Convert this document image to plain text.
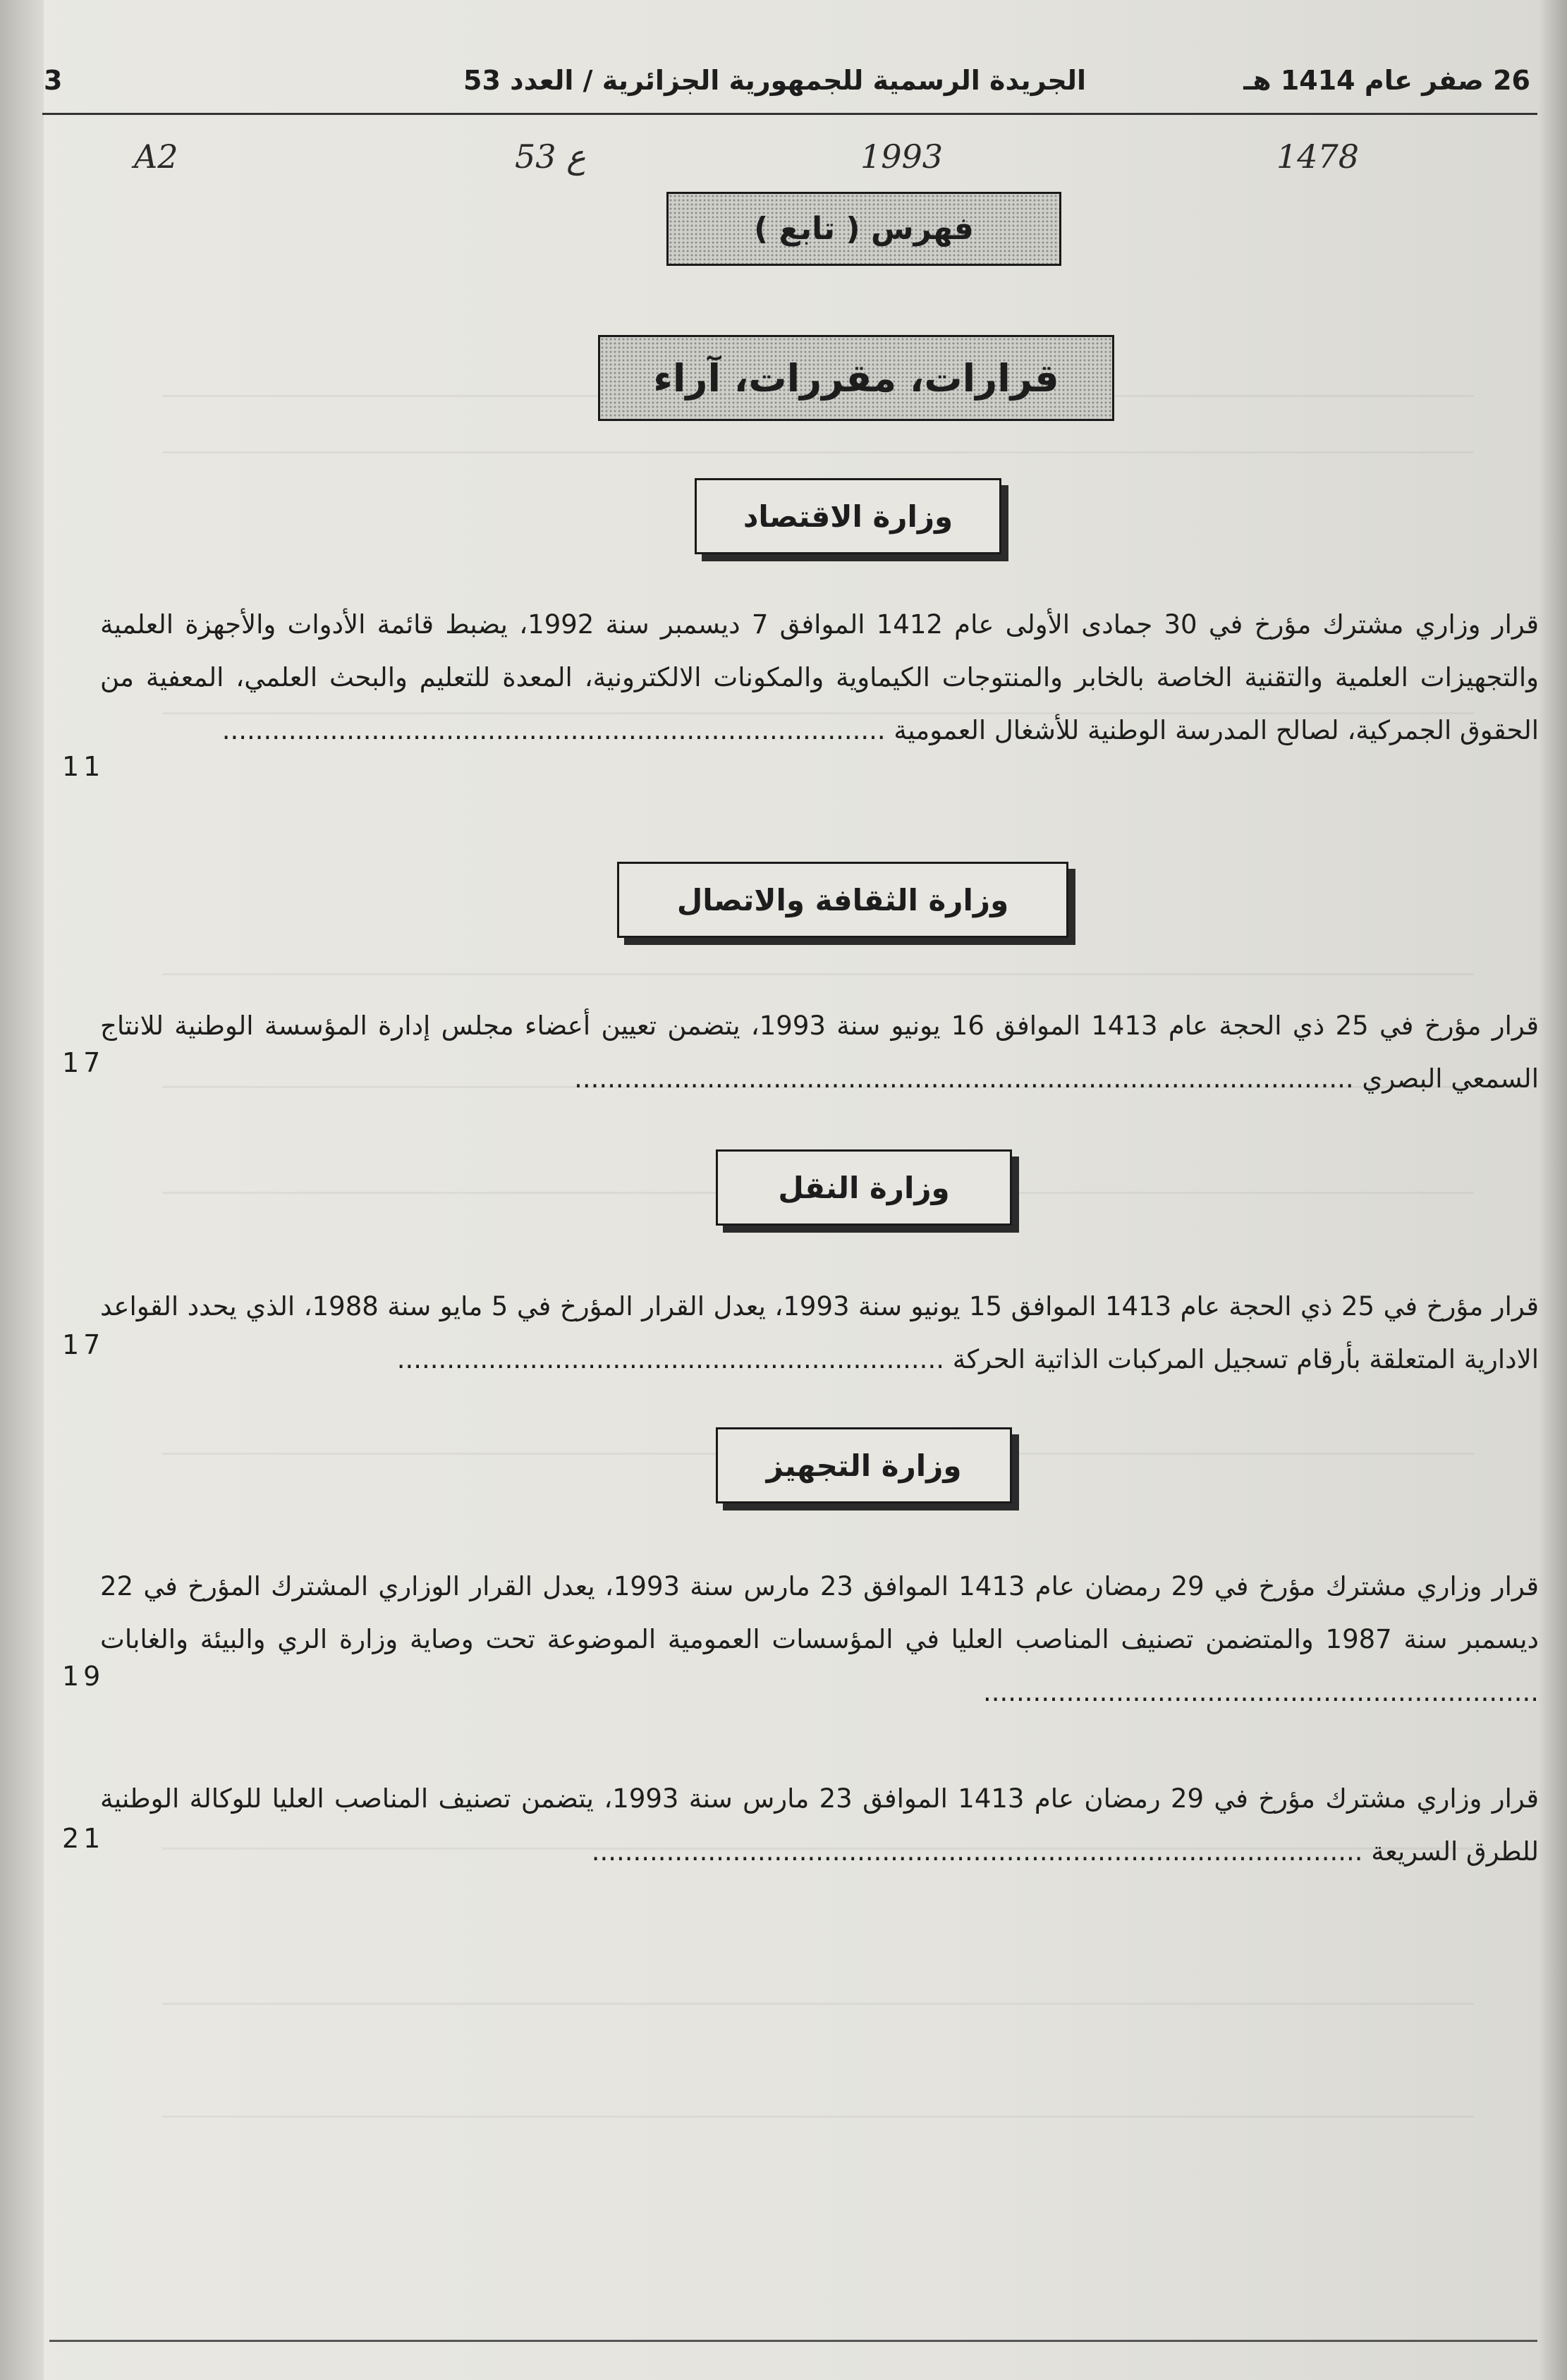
26 صفر عام 1414 هـ
الجريدة الرسمية للجمهورية الجزائرية / العدد 53
3
A2	53 ع	1993	1478
فهرس ( تابع )
قرارات، مقررات، آراء
وزارة الاقتصاد
قرار وزاري مشترك مؤرخ في 30 جمادى الأولى عام 1412 الموافق 7 ديسمبر سنة 1992، يضبط قائمة الأدوات والأجهزة العلمية والتجهيزات العلمية والتقنية الخاصة بالخابر والمنتوجات الكيماوية والمكونات الالكترونية، المعدة للتعليم والبحث العلمي، المعفية من الحقوق الجمركية، لصالح المدرسة الوطنية للأشغال العمومية ................................................................................
11
وزارة الثقافة والاتصال
قرار مؤرخ في 25 ذي الحجة عام 1413 الموافق 16 يونيو سنة 1993، يتضمن تعيين أعضاء مجلس إدارة المؤسسة الوطنية للانتاج السمعي البصري ..............................................................................................
17
وزارة النقل
قرار مؤرخ في 25 ذي الحجة عام 1413 الموافق 15 يونيو سنة 1993، يعدل القرار المؤرخ في 5 مايو سنة 1988، الذي يحدد القواعد الادارية المتعلقة بأرقام تسجيل المركبات الذاتية الحركة ..................................................................
17
وزارة التجهيز
قرار وزاري مشترك مؤرخ في 29 رمضان عام 1413 الموافق 23 مارس سنة 1993، يعدل القرار الوزاري المشترك المؤرخ في 22 ديسمبر سنة 1987 والمتضمن تصنيف المناصب العليا في المؤسسات العمومية الموضوعة تحت وصاية وزارة الري والبيئة والغابات ...................................................................
19
قرار وزاري مشترك مؤرخ في 29 رمضان عام 1413 الموافق 23 مارس سنة 1993، يتضمن تصنيف المناصب العليا للوكالة الوطنية للطرق السريعة .............................................................................................
21
